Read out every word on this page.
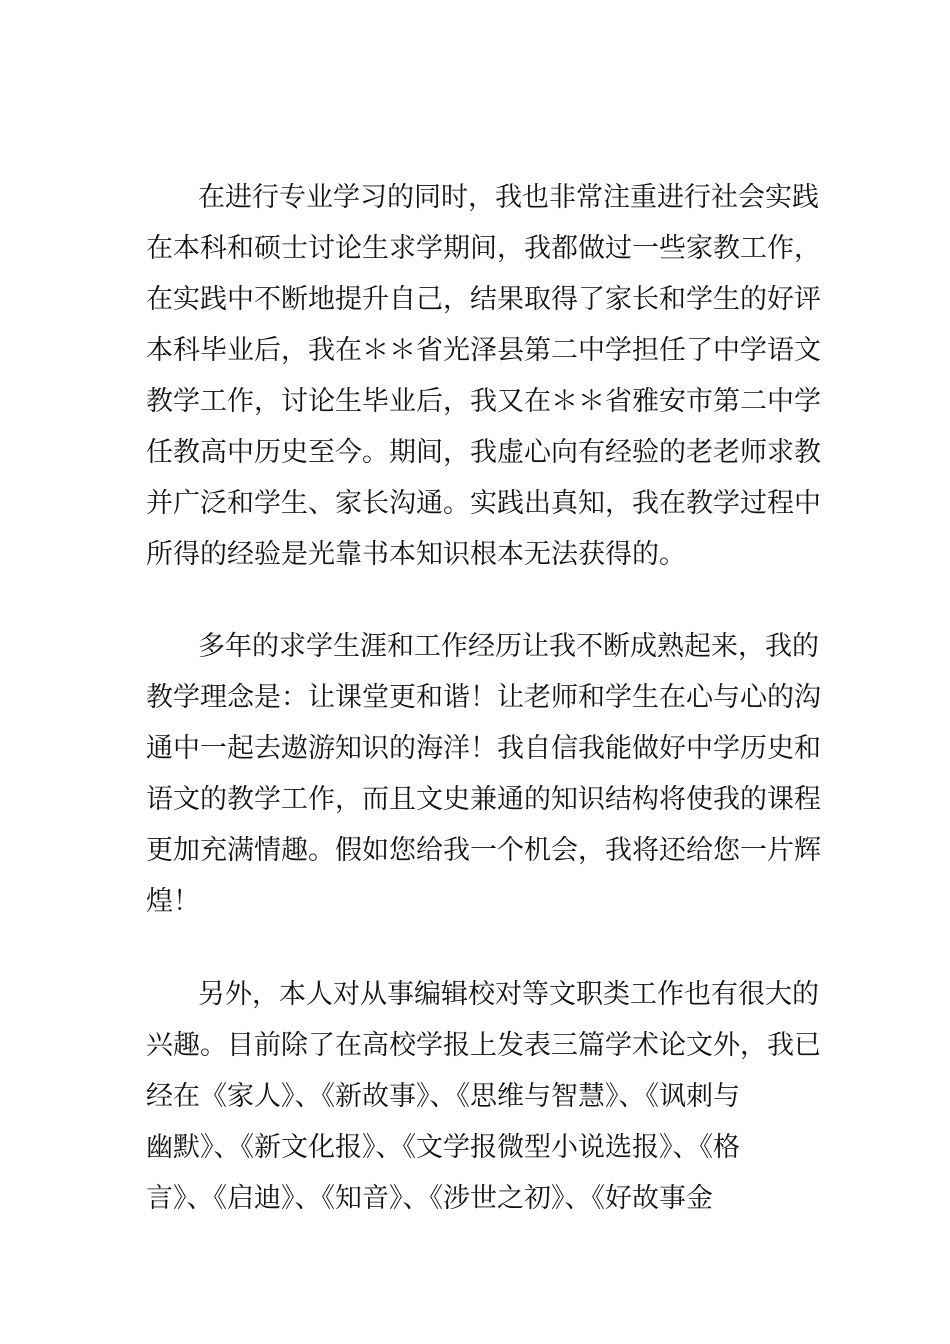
在进行专业学习的同时，我也非常注重进行社会实践

在本科和硕士讨论生求学期间，我都做过一些家教工作，

在实践中不断地提升自己，结果取得了家长和学生的好评

本科毕业后，我在＊＊省光泽县第二中学担任了中学语文

教学工作，讨论生毕业后，我又在＊＊省雅安市第二中学

任教高中历史至今。期间，我虚心向有经验的老老师求教

并广泛和学生、家长沟通。实践出真知，我在教学过程中

所得的经验是光靠书本知识根本无法获得的。

多年的求学生涯和工作经历让我不断成熟起来，我的

教学理念是：让课堂更和谐！让老师和学生在心与心的沟

通中一起去遨游知识的海洋！我自信我能做好中学历史和

语文的教学工作，而且文史兼通的知识结构将使我的课程

更加充满情趣。假如您给我一个机会，我将还给您一片辉

煌！

另外，本人对从事编辑校对等文职类工作也有很大的

兴趣。目前除了在高校学报上发表三篇学术论文外，我已

经在《家人》、《新故事》、《思维与智慧》、《讽刺与

幽默》、《新文化报》、《文学报微型小说选报》、《格

言》、《启迪》、《知音》、《涉世之初》、《好故事金
